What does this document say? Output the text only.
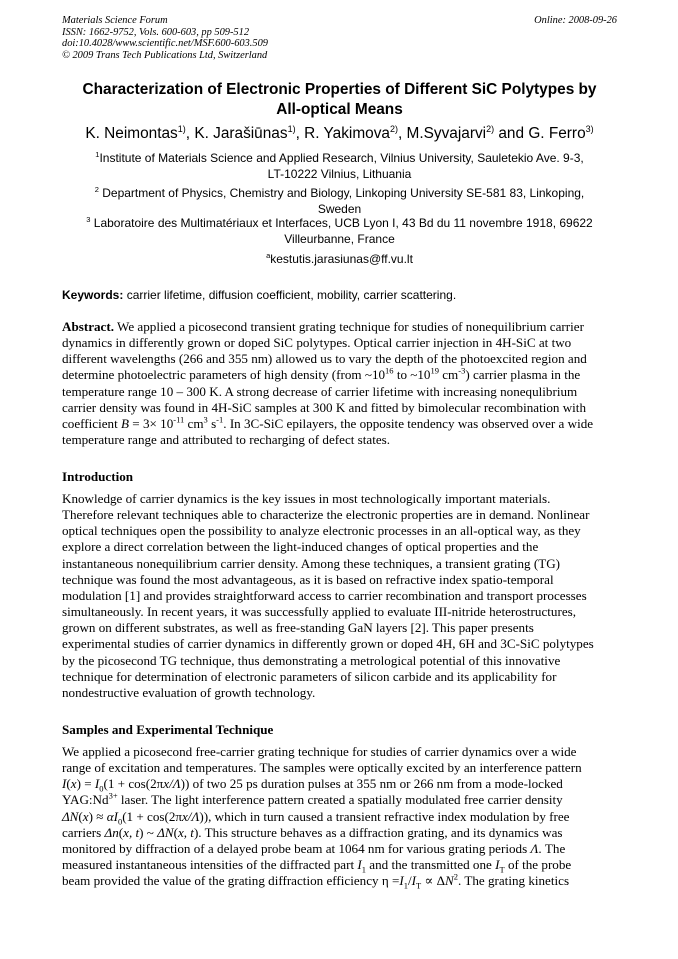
Materials Science Forum
ISSN: 1662-9752, Vols. 600-603, pp 509-512
doi:10.4028/www.scientific.net/MSF.600-603.509
© 2009 Trans Tech Publications Ltd, Switzerland
Online: 2008-09-26
Characterization of Electronic Properties of Different SiC Polytypes by
All-optical Means
K. Neimontas$^{1)}$, K. Jarašiūnas$^{1)}$, R. Yakimova$^{2)}$, M.Syvajarvi$^{2)}$ and G. Ferro$^{3)}$
$^1$Institute of Materials Science and Applied Research, Vilnius University, Sauletekio Ave. 9-3,
LT-10222 Vilnius, Lithuania
$^2$ Department of Physics, Chemistry and Biology, Linkoping University SE-581 83, Linkoping,
Sweden
$^3$ Laboratoire des Multimatériaux et Interfaces, UCB Lyon I, 43 Bd du 11 novembre 1918, 69622
Villeurbanne, France
$^a$kestutis.jarasiunas@ff.vu.lt
Keywords: carrier lifetime, diffusion coefficient, mobility, carrier scattering.
Abstract. We applied a picosecond transient grating technique for studies of nonequilibrium carrier
dynamics in differently grown or doped SiC polytypes. Optical carrier injection in 4H-SiC at two
different wavelengths (266 and 355 nm) allowed us to vary the depth of the photoexcited region and
determine photoelectric parameters of high density (from $\sim 10^{16}$ to $\sim 10^{19}$ $cm^{-3}$) carrier plasma in the
temperature range 10 – 300 K. A strong decrease of carrier lifetime with increasing nonequlibrium
carrier density was found in 4H-SiC samples at 300 K and fitted by bimolecular recombination with
coefficient $B = 3\times 10^{-11}$ $cm^3$ $s^{-1}$. In 3C-SiC epilayers, the opposite tendency was observed over a wide
temperature range and attributed to recharging of defect states.
Introduction
Knowledge of carrier dynamics is the key issues in most technologically important materials.
Therefore relevant techniques able to characterize the electronic properties are in demand. Nonlinear
optical techniques open the possibility to analyze electronic processes in an all-optical way, as they
explore a direct correlation between the light-induced changes of optical properties and the
instantaneous nonequilibrium carrier density. Among these techniques, a transient grating (TG)
technique was found the most advantageous, as it is based on refractive index spatio-temporal
modulation [1] and provides straightforward access to carrier recombination and transport processes
simultaneously. In recent years, it was successfully applied to evaluate III-nitride heterostructures,
grown on different substrates, as well as free-standing GaN layers [2]. This paper presents
experimental studies of carrier dynamics in differently grown or doped 4H, 6H and 3C-SiC polytypes
by the picosecond TG technique, thus demonstrating a metrological potential of this innovative
technique for determination of electronic parameters of silicon carbide and its applicability for
nondestructive evaluation of growth technology.
Samples and Experimental Technique
We applied a picosecond free-carrier grating technique for studies of carrier dynamics over a wide
range of excitation and temperatures. The samples were optically excited by an interference pattern
$I(x) = I_0(1 + \cos(2\pi x/\Lambda))$ of two 25 ps duration pulses at 355 nm or 266 nm from a mode-locked
$YAG:Nd^{3+}$ laser. The light interference pattern created a spatially modulated free carrier density
$\Delta N(x) \approx \alpha I_0(1 + \cos(2\pi x/\Lambda))$, which in turn caused a transient refractive index modulation by free
carriers Δn(x, t) ~ ΔN(x, t). This structure behaves as a diffraction grating, and its dynamics was
monitored by diffraction of a delayed probe beam at 1064 nm for various grating periods Λ. The
measured instantaneous intensities of the diffracted part $I_1$ and the transmitted one $I_T$ of the probe
beam provided the value of the grating diffraction efficiency $\eta =I_1/I_T \propto \Delta N^2$. The grating kinetics
